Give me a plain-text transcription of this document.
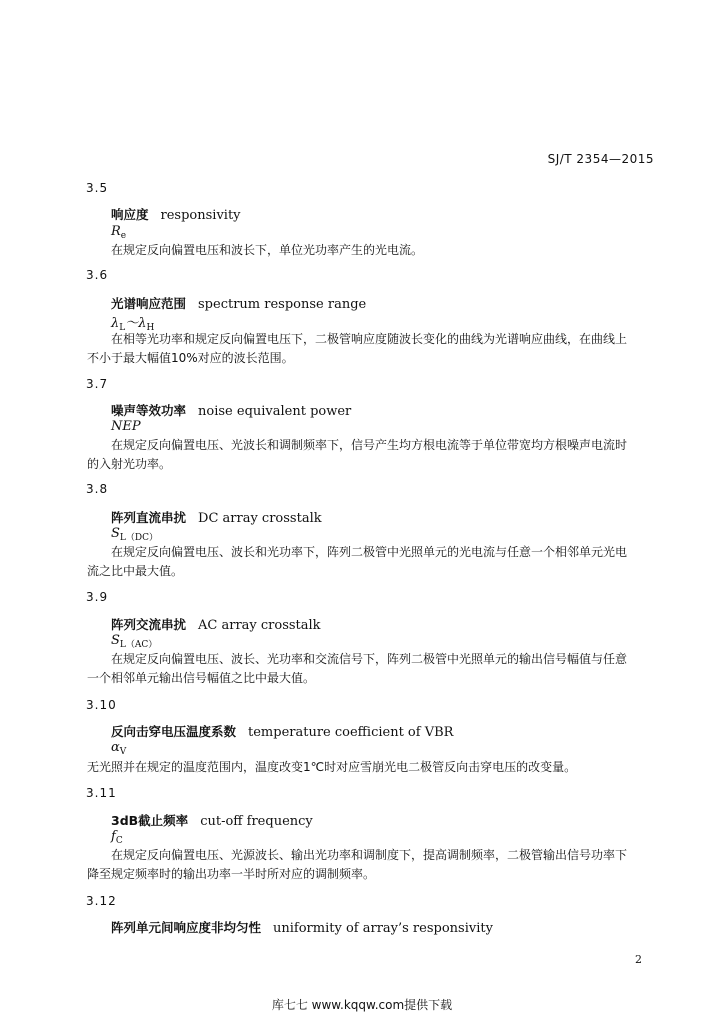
SJ/T 2354—2015
3.5
响应度 responsivity
$R_e$

在规定反向偏置电压和波长下，单位光功率产生的光电流。

3.6
光谱响应范围 spectrum response range
$\lambda_L\sim\lambda_H$

在相等光功率和规定反向偏置电压下，二极管响应度随波长变化的曲线为光谱响应曲线，在曲线上

不小于最大幅值10%对应的波长范围。

3.7
噪声等效功率 noise equivalent power
NEP

在规定反向偏置电压、光波长和调制频率下，信号产生均方根电流等于单位带宽均方根噪声电流时

的入射光功率。

3.8
阵列直流串扰 DC array crosstalk
$S_{L(DC)}$

在规定反向偏置电压、波长和光功率下，阵列二极管中光照单元的光电流与任意一个相邻单元光电

流之比中最大值。

3.9
阵列交流串扰 AC array crosstalk
$S_{L(AC)}$

在规定反向偏置电压、波长、光功率和交流信号下，阵列二极管中光照单元的输出信号幅值与任意

一个相邻单元输出信号幅值之比中最大值。

3.10
反向击穿电压温度系数 temperature coefficient of VBR
$\alpha_V$

无光照并在规定的温度范围内，温度改变1℃时对应雪崩光电二极管反向击穿电压的改变量。

3.11
3dB截止频率 cut-off frequency
$f_C$

在规定反向偏置电压、光源波长、输出光功率和调制度下，提高调制频率，二极管输出信号功率下

降至规定频率时的输出功率一半时所对应的调制频率。

3.12
阵列单元间响应度非均匀性 uniformity of array’s responsivity
2
库七七 www.kqqw.com提供下载
